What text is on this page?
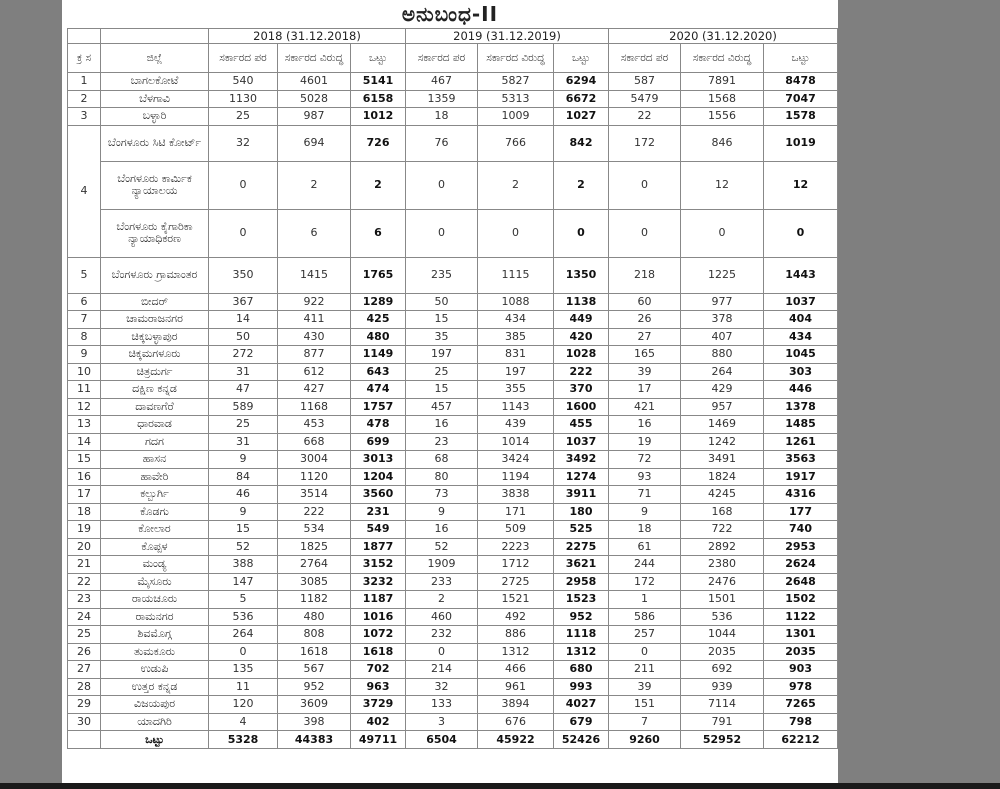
ಅನುಬಂಧ-II
		2018 (31.12.2018)			2019 (31.12.2019)			2020 (31.12.2020)		
ಕ್ರ ಸ	ಜಿಲ್ಲೆ	ಸರ್ಕಾರದ ಪರ	ಸರ್ಕಾರದ ವಿರುದ್ಧ	ಒಟ್ಟು	ಸರ್ಕಾರದ ಪರ	ಸರ್ಕಾರದ ವಿರುದ್ಧ	ಒಟ್ಟು	ಸರ್ಕಾರದ ಪರ	ಸರ್ಕಾರದ ವಿರುದ್ಧ	ಒಟ್ಟು
1	ಬಾಗಲಕೋಟೆ	540	4601	5141	467	5827	6294	587	7891	8478
2	ಬೆಳಗಾವಿ	1130	5028	6158	1359	5313	6672	5479	1568	7047
3	ಬಳ್ಳಾರಿ	25	987	1012	18	1009	1027	22	1556	1578
4	ಬೆಂಗಳೂರು ಸಿಟಿ ಕೋರ್ಟ್	32	694	726	76	766	842	172	846	1019
	ಬೆಂಗಳೂರು ಕಾರ್ಮಿಕ ನ್ಯಾಯಾಲಯ	0	2	2	0	2	2	0	12	12
	ಬೆಂಗಳೂರು ಕೈಗಾರಿಕಾ ನ್ಯಾಯಾಧಿಕರಣ	0	6	6	0	0	0	0	0	0
5	ಬೆಂಗಳೂರು ಗ್ರಾಮಾಂತರ	350	1415	1765	235	1115	1350	218	1225	1443
6	ಬೀದರ್	367	922	1289	50	1088	1138	60	977	1037
7	ಚಾಮರಾಜನಗರ	14	411	425	15	434	449	26	378	404
8	ಚಿಕ್ಕಬಳ್ಳಾಪುರ	50	430	480	35	385	420	27	407	434
9	ಚಿಕ್ಕಮಗಳೂರು	272	877	1149	197	831	1028	165	880	1045
10	ಚಿತ್ರದುರ್ಗ	31	612	643	25	197	222	39	264	303
11	ದಕ್ಷಿಣ ಕನ್ನಡ	47	427	474	15	355	370	17	429	446
12	ದಾವಣಗೆರೆ	589	1168	1757	457	1143	1600	421	957	1378
13	ಧಾರವಾಡ	25	453	478	16	439	455	16	1469	1485
14	ಗದಗ	31	668	699	23	1014	1037	19	1242	1261
15	ಹಾಸನ	9	3004	3013	68	3424	3492	72	3491	3563
16	ಹಾವೇರಿ	84	1120	1204	80	1194	1274	93	1824	1917
17	ಕಲ್ಬುರ್ಗಿ	46	3514	3560	73	3838	3911	71	4245	4316
18	ಕೊಡಗು	9	222	231	9	171	180	9	168	177
19	ಕೋಲಾರ	15	534	549	16	509	525	18	722	740
20	ಕೊಪ್ಪಳ	52	1825	1877	52	2223	2275	61	2892	2953
21	ಮಂಡ್ಯ	388	2764	3152	1909	1712	3621	244	2380	2624
22	ಮೈಸೂರು	147	3085	3232	233	2725	2958	172	2476	2648
23	ರಾಯಚೂರು	5	1182	1187	2	1521	1523	1	1501	1502
24	ರಾಮನಗರ	536	480	1016	460	492	952	586	536	1122
25	ಶಿವಮೊಗ್ಗ	264	808	1072	232	886	1118	257	1044	1301
26	ತುಮಕೂರು	0	1618	1618	0	1312	1312	0	2035	2035
27	ಉಡುಪಿ	135	567	702	214	466	680	211	692	903
28	ಉತ್ತರ ಕನ್ನಡ	11	952	963	32	961	993	39	939	978
29	ವಿಜಯಪುರ	120	3609	3729	133	3894	4027	151	7114	7265
30	ಯಾದಗಿರಿ	4	398	402	3	676	679	7	791	798
	ಒಟ್ಟು	5328	44383	49711	6504	45922	52426	9260	52952	62212
